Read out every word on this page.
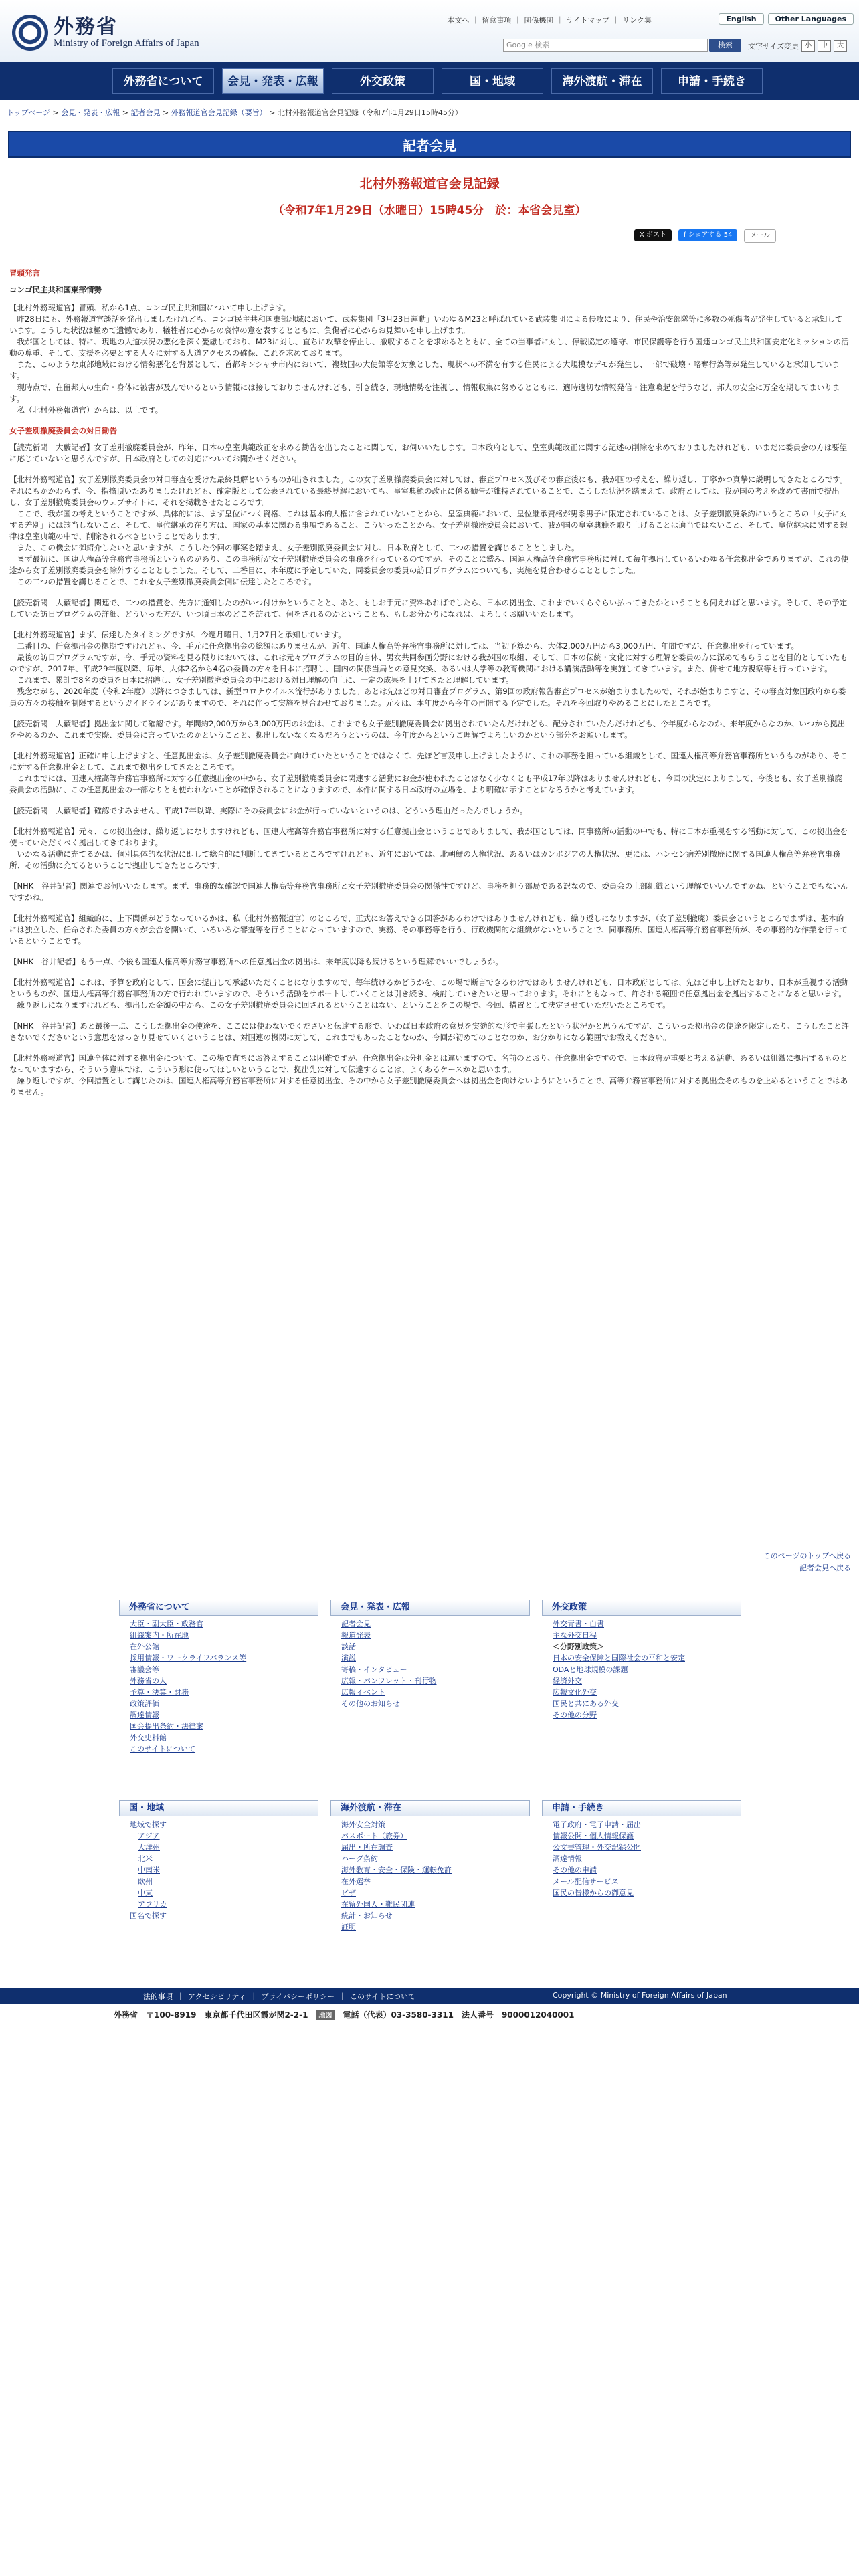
外務省
Ministry of Foreign Affairs of Japan
本文へ ｜ 留意事項 ｜ 関係機関 ｜ サイトマップ ｜ リンク集	English	Other Languages
Google 検索	検索	文字サイズ変更 小	中	大
外務省について	会見・発表・広報	外交政策	国・地域	海外渡航・滞在	申請・手続き
トップページ > 会見・発表・広報 > 記者会見 > 外務報道官会見記録（要旨） > 北村外務報道官会見記録（令和7年1月29日15時45分）
記者会見
北村外務報道官会見記録
（令和7年1月29日（水曜日）15時45分　於：本省会見室）
X ポスト	f シェアする 54	メール
冒頭発言
コンゴ民主共和国東部情勢
【北村外務報道官】冒頭、私から1点、コンゴ民主共和国について申し上げます。
　昨28日にも、外務報道官談話を発出しましたけれども、コンゴ民主共和国東部地域において、武装集団「3月23日運動」いわゆるM23と呼ばれている武装集団による侵攻により、住民や治安部隊等に多数の死傷者が発生していると承知しています。こうした状況は極めて遺憾であり、犠牲者に心からの哀悼の意を表するとともに、負傷者に心からお見舞いを申し上げます。
　我が国としては、特に、現地の人道状況の悪化を深く憂慮しており、M23に対し、直ちに攻撃を停止し、撤収することを求めるとともに、全ての当事者に対し、停戦協定の遵守、市民保護等を行う国連コンゴ民主共和国安定化ミッションの活動の尊重、そして、支援を必要とする人々に対する人道アクセスの確保、これを求めております。
　また、このような東部地域における情勢悪化を背景として、首都キンシャサ市内において、複数国の大使館等を対象とした、現状への不満を有する住民による大規模なデモが発生し、一部で破壊・略奪行為等が発生していると承知しています。
　現時点で、在留邦人の生命・身体に被害が及んでいるという情報には接しておりませんけれども、引き続き、現地情勢を注視し、情報収集に努めるとともに、適時適切な情報発信・注意喚起を行うなど、邦人の安全に万全を期してまいります。
　私（北村外務報道官）からは、以上です。
女子差別撤廃委員会の対日勧告
【読売新聞　大藪記者】女子差別撤廃委員会が、昨年、日本の皇室典範改正を求める勧告を出したことに関して、お伺いいたします。日本政府として、皇室典範改正に関する記述の削除を求めておりましたけれども、いまだに委員会の方は要望に応じていないと思うんですが、日本政府としての対応についてお聞かせください。
【北村外務報道官】女子差別撤廃委員会の対日審査を受けた最終見解というものが出されました。この女子差別撤廃委員会に対しては、審査プロセス及びその審査後にも、我が国の考えを、繰り返し、丁寧かつ真摯に説明してきたところです。それにもかかわらず、今、指摘頂いたありましたけれども、確定版として公表されている最終見解においても、皇室典範の改正に係る勧告が維持されていることで、こうした状況を踏まえて、政府としては、我が国の考えを改めて書面で提出し、女子差別撤廃委員会のウェブサイトに、それを掲載させたところです。
　ここで、我が国の考えということですが、具体的には、まず皇位につく資格、これは基本的人権に含まれていないことから、皇室典範において、皇位継承資格が男系男子に限定されていることは、女子差別撤廃条約にいうところの「女子に対する差別」には該当しないこと、そして、皇位継承の在り方は、国家の基本に関わる事項であること、こういったことから、女子差別撤廃委員会において、我が国の皇室典範を取り上げることは適当ではないこと、そして、皇位継承に関する規律は皇室典範の中で、削除されるべきということであります。
　また、この機会に御紹介したいと思いますが、こうした今回の事案を踏まえ、女子差別撤廃委員会に対し、日本政府として、二つの措置を講じることとしました。
　まず最初に、国連人権高等弁務官事務所というものがあり、この事務所が女子差別撤廃委員会の事務を行っているのですが、そのことに鑑み、国連人権高等弁務官事務所に対して毎年拠出しているいわゆる任意拠出金でありますが、これの使途から女子差別撤廃委員会を除外することとしました。そして、二番目に、本年度に予定していた、同委員会の委員の訪日プログラムについても、実施を見合わせることとしました。
　この二つの措置を講じることで、これを女子差別撤廃委員会側に伝達したところです。
【読売新聞　大藪記者】関連で、二つの措置を、先方に通知したのがいつ付けかということと、あと、もしお手元に資料あればでしたら、日本の拠出金、これまでいくらぐらい払ってきたかということも伺えればと思います。そして、その予定していた訪日プログラムの詳細、どういった方が、いつ頃日本のどこを訪れて、何をされるのかということも、もしお分かりになれば、よろしくお願いいたします。
【北村外務報道官】まず、伝達したタイミングですが、今週月曜日、1月27日と承知しています。
　二番目の、任意拠出金の拠期ですけれども、今、手元に任意拠出金の総額はありませんが、近年、国連人権高等弁務官事務所に対しては、当初予算から、大体2,000万円から3,000万円、年間ですが、任意拠出を行っています。
　最後の訪日プログラムですが、今、手元の資料を見る限りにおいては、これは元々プログラムの目的自体、男女共同参画分野における我が国の取組、そして、日本の伝統・文化に対する理解を委員の方に深めてもらうことを目的としていたものですが、2017年、平成29年度以降、毎年、大体2名から4名の委員の方々を日本に招聘し、国内の関係当局との意見交換、あるいは大学等の教育機関における講演活動等を実施してきています。また、併せて地方視察等も行っています。
　これまで、累計で8名の委員を日本に招聘し、女子差別撤廃委員会の中における対日理解の向上に、一定の成果を上げてきたと理解しています。
　残念ながら、2020年度（令和2年度）以降につきましては、新型コロナウイルス流行がありました。あとは先ほどの対日審査プログラム、第9回の政府報告審査プロセスが始まりましたので、それが始まりますと、その審査対象国政府から委員の方々の接触を制限するというガイドラインがありますので、それに伴って実施を見合わせておりました。元々は、本年度から今年の再開する予定でした。それを今回取りやめることにしたところです。
【読売新聞　大藪記者】拠出金に関して確認です。年間約2,000万から3,000万円のお金は、これまでも女子差別撤廃委員会に拠出されていたんだけれども、配分されていたんだけれども、今年度からなのか、来年度からなのか、いつから拠出をやめるのか、これまで実際、委員会に言っていたのかということと、拠出しないなくなるだろうというのは、今年度からというご理解でよろしいのかという部分をお願いします。
【北村外務報道官】正確に申し上げますと、任意拠出金は、女子差別撤廃委員会に向けていたということではなくて、先ほど言及申し上げましたように、これの事務を担っている組織として、国連人権高等弁務官事務所というものがあり、そこに対する任意拠出金として、これまで拠出をしてきたところです。
　これまでには、国連人権高等弁務官事務所に対する任意拠出金の中から、女子差別撤廃委員会に関連する活動にお金が使われたことはなく少なくとも平成17年以降はありませんけれども、今回の決定によりまして、今後とも、女子差別撤廃委員会の活動に、この任意拠出金の一部なりとも使われないことが確保されることになりますので、本件に関する日本政府の立場を、より明確に示すことになろうかと考えています。
【読売新聞　大藪記者】確認ですみません、平成17年以降、実際にその委員会にお金が行っていないというのは、どういう理由だったんでしょうか。
【北村外務報道官】元々、この拠出金は、繰り返しになりますけれども、国連人権高等弁務官事務所に対する任意拠出金ということでありまして、我が国としては、同事務所の活動の中でも、特に日本が重視をする活動に対して、この拠出金を使っていただくべく拠出してきております。
　いかなる活動に充てるかは、個別具体的な状況に即して総合的に判断してきているところですけれども、近年においては、北朝鮮の人権状況、あるいはカンボジアの人権状況、更には、ハンセン病差別撤廃に関する国連人権高等弁務官事務所、その活動に充てるということで拠出してきたところです。
【NHK　谷井記者】関連でお伺いいたします。まず、事務的な確認で国連人権高等弁務官事務所と女子差別撤廃委員会の関係性ですけど、事務を担う部局である訳なので、委員会の上部組織という理解でいいんですかね、ということでもないんですかね。
【北村外務報道官】組織的に、上下関係がどうなっているかは、私（北村外務報道官）のところで、正式にお答えできる回答があるわけではありませんけれども、繰り返しになりますが、（女子差別撤廃）委員会というところでまずは、基本的には独立した、任命された委員の方々が会合を開いて、いろいろな審査等を行うことになっていますので、実務、その事務等を行う、行政機関的な組織がないということで、同事務所、国連人権高等弁務官事務所が、その事務的な作業を行っているということです。
【NHK　谷井記者】もう一点、今後も国連人権高等弁務官事務所への任意拠出金の拠出は、来年度以降も続けるという理解でいいでしょうか。
【北村外務報道官】これは、予算を政府として、国会に提出して承認いただくことになりますので、毎年続けるかどうかを、この場で断言できるわけではありませんけれども、日本政府としては、先ほど申し上げたとおり、日本が重視する活動というものが、国連人権高等弁務官事務所の方で行われていますので、そういう活動をサポートしていくことは引き続き、検討していきたいと思っております。それにともなって、許される範囲で任意拠出金を拠出することになると思います。
　繰り返しになりますけれども、拠出した金額の中から、この女子差別撤廃委員会に回されるということはない、ということをこの場で、今回、措置として決定させていただいたところです。
【NHK　谷井記者】あと最後一点、こうした拠出金の使途を、ここには使わないでくださいと伝達する形で、いわば日本政府の意見を実効的な形で主張したという状況かと思うんですが、こういった拠出金の使途を限定したり、こうしたこと許さないでくださいという意思をはっきり見せていくということは、対国連の機関に対して、これまでもあったことなのか、今回が初めてのことなのか、お分かりになる範囲でお教えください。
【北村外務報道官】国連全体に対する拠出金について、この場で直ちにお答えすることは困難ですが、任意拠出金は分担金とは違いますので、名前のとおり、任意拠出金ですので、日本政府が重要と考える活動、あるいは組織に拠出するものとなっていますから、そういう意味では、こういう形に使ってほしいということで、拠出先に対して伝達することは、よくあるケースかと思います。
　繰り返しですが、今回措置として講じたのは、国連人権高等弁務官事務所に対する任意拠出金、その中から女子差別撤廃委員会へは拠出金を向けないようにということで、高等弁務官事務所に対する拠出金そのものを止めるということではありません。
このページのトップへ戻る
記者会見へ戻る
外務省について
大臣・副大臣・政務官
組織案内・所在地
在外公館
採用情報・ワークライフバランス等
審議会等
外務省の人
予算・決算・財務
政策評価
調達情報
国会提出条約・法律案
外交史料館
このサイトについて
会見・発表・広報
記者会見
報道発表
談話
演説
寄稿・インタビュー
広報・パンフレット・刊行物
広報イベント
その他のお知らせ
外交政策
外交青書・白書
主な外交日程
＜分野別政策＞
日本の安全保障と国際社会の平和と安定
ODAと地球規模の課題
経済外交
広報文化外交
国民と共にある外交
その他の分野
国・地域
地域で探す
アジア
大洋州
北米
中南米
欧州
中東
アフリカ
国名で探す
海外渡航・滞在
海外安全対策
パスポート（旅券）
届出・所在調査
ハーグ条約
海外教育・安全・保険・運転免許
在外選挙
ビザ
在留外国人・難民関連
統計・お知らせ
証明
申請・手続き
電子政府・電子申請・届出
情報公開・個人情報保護
公文書管理・外交記録公開
調達情報
その他の申請
メール配信サービス
国民の皆様からの御意見
法的事項 ｜ アクセシビリティ ｜ プライバシーポリシー ｜ このサイトについて	Copyright © Ministry of Foreign Affairs of Japan
外務省 〒100-8919　東京都千代田区霞が関2-2-1	地図	電話（代表）03-3580-3311 法人番号　9000012040001
